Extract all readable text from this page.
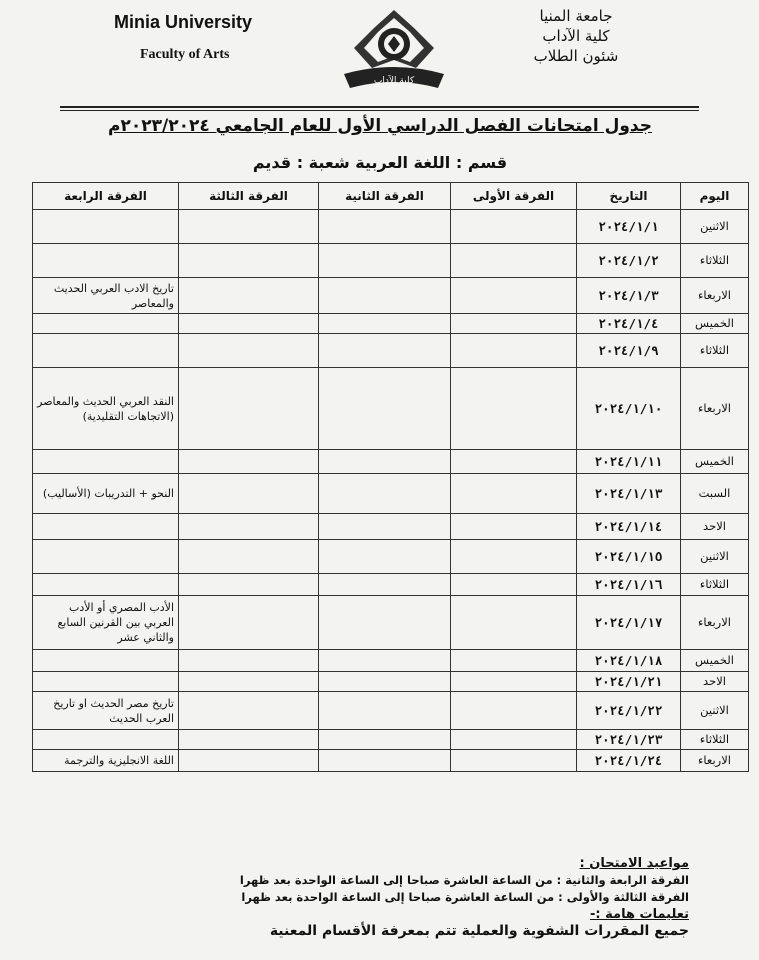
Minia University
Faculty of Arts
جامعة المنيا
كلية الآداب
شئون الطلاب
كلية الآداب
جدول امتحانات الفصل الدراسي الأول للعام الجامعي ٢٠٢٣/٢٠٢٤م
قسم : اللغة العربية شعبة : قديم
اليوم	التاريخ	الفرقة الأولى	الفرقة الثانية	الفرقة الثالثة	الفرقة الرابعة
الاثنين	٢٠٢٤/١/١				
الثلاثاء	٢٠٢٤/١/٢				
الاربعاء	٢٠٢٤/١/٣				تاريخ الادب العربي الحديث والمعاصر
الخميس	٢٠٢٤/١/٤				
الثلاثاء	٢٠٢٤/١/٩				
الاربعاء	٢٠٢٤/١/١٠				النقد العربي الحديث والمعاصر (الاتجاهات التقليدية)
الخميس	٢٠٢٤/١/١١				
السبت	٢٠٢٤/١/١٣				النحو + التدريبات (الأساليب)
الاحد	٢٠٢٤/١/١٤				
الاثنين	٢٠٢٤/١/١٥				
الثلاثاء	٢٠٢٤/١/١٦				
الاربعاء	٢٠٢٤/١/١٧				الأدب المصري أو الأدب العربي بين القرنين السابع والثاني عشر
الخميس	٢٠٢٤/١/١٨				
الاحد	٢٠٢٤/١/٢١				
الاثنين	٢٠٢٤/١/٢٢				تاريخ مصر الحديث او تاريخ العرب الحديث
الثلاثاء	٢٠٢٤/١/٢٣				
الاربعاء	٢٠٢٤/١/٢٤				اللغة الانجليزية والترجمة
مواعيد الامتحان :
الفرقة الرابعة والثانية : من الساعة العاشرة صباحا إلى الساعة الواحدة بعد ظهرا
الفرقة الثالثة والأولى : من الساعة العاشرة صباحا إلى الساعة الواحدة بعد ظهرا
تعليمات هامة :-
جميع المقررات الشفوية والعملية تتم بمعرفة الأقسام المعنية
